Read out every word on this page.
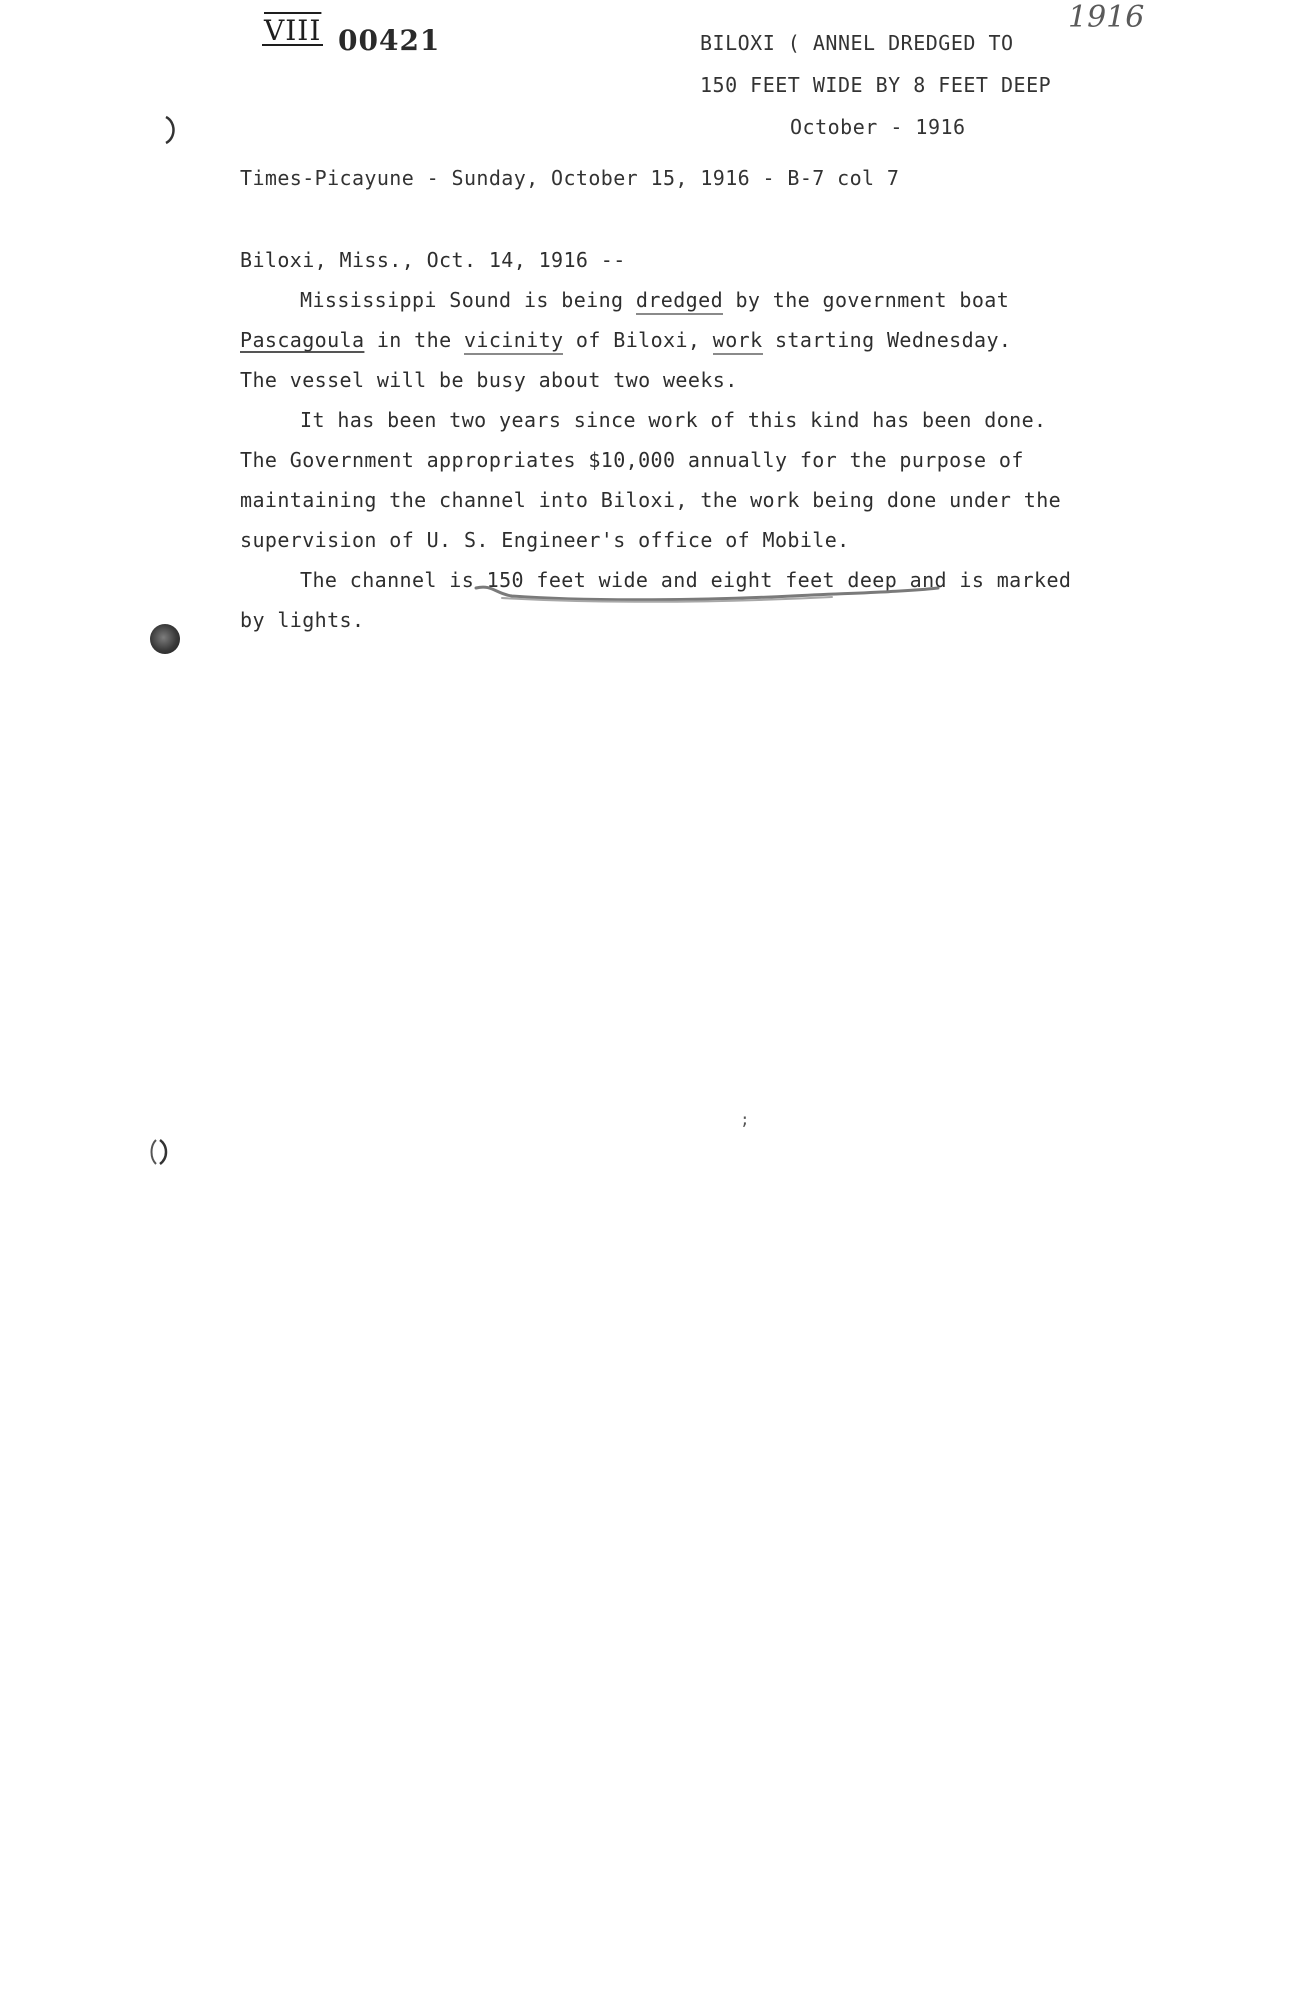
VIII 00421
1916
BILOXI ( ANNEL DREDGED TO
150 FEET WIDE BY 8 FEET DEEP
October - 1916
Times-Picayune - Sunday, October 15, 1916 - B-7 col 7
Biloxi, Miss., Oct. 14, 1916 --
Mississippi Sound is being dredged by the government boat
Pascagoula in the vicinity of Biloxi, work starting Wednesday.
The vessel will be busy about two weeks.
It has been two years since work of this kind has been done.
The Government appropriates $10,000 annually for the purpose of
maintaining the channel into Biloxi, the work being done under the
supervision of U. S. Engineer's office of Mobile.
The channel is 150 feet wide and eight feet deep and is marked
by lights.
;
